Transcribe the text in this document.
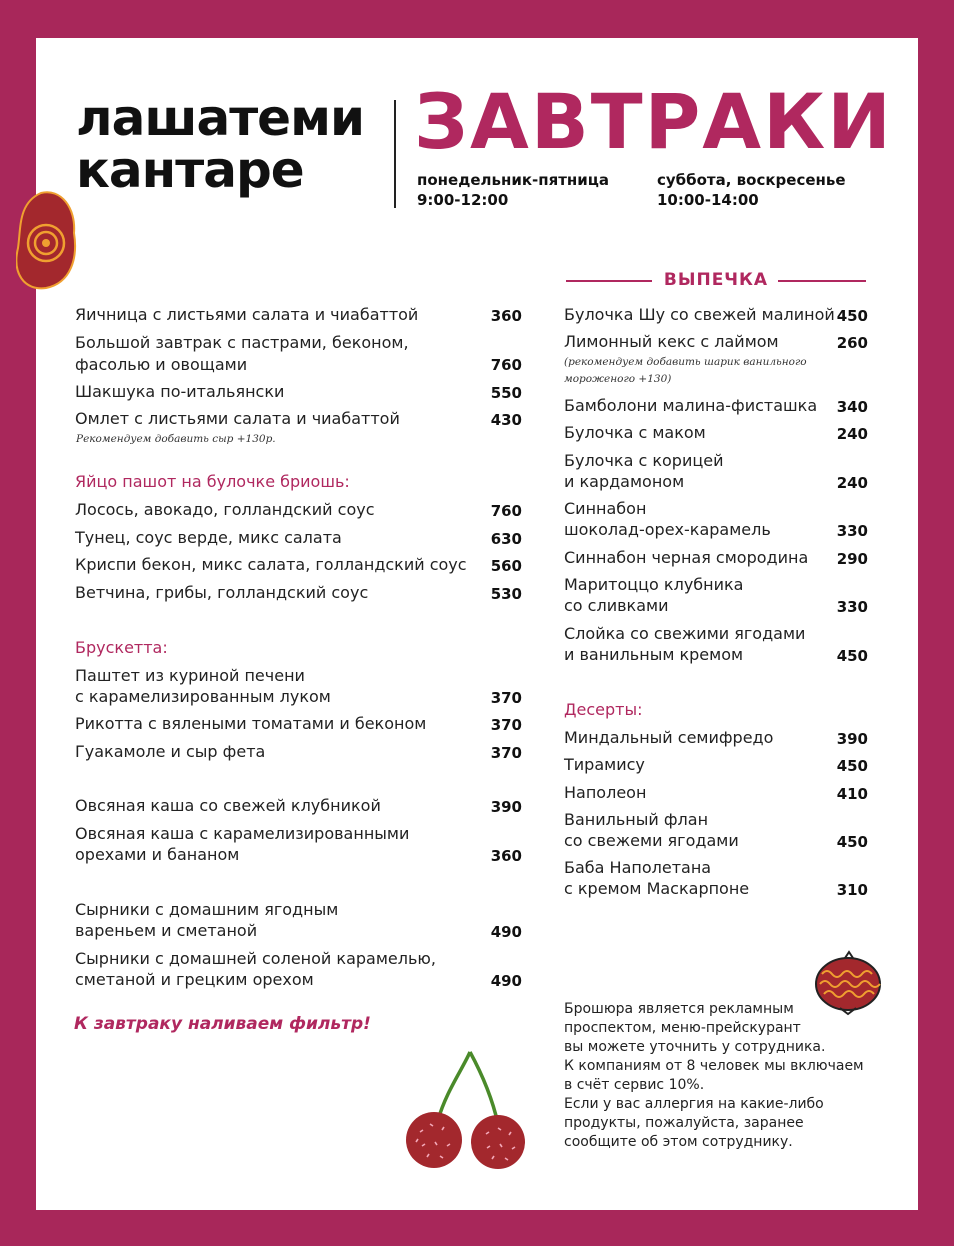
лашатеми
кантаре
ЗАВТРАКИ
понедельник-пятница
9:00-12:00
суббота, воскресенье
10:00-14:00
Яичница с листьями салата и чиабаттой	360
Большой завтрак с пастрами, беконом,
фасолью и овощами	760
Шакшука по-итальянски	550
Омлет с листьями салата и чиабаттой	430
Рекомендуем добавить сыр +130р.
Яйцо пашот на булочке бриошь:
Лосось, авокадо, голландский соус	760
Тунец, соус верде, микс салата	630
Криспи бекон, микс салата, голландский соус	560
Ветчина, грибы, голландский соус	530
Брускетта:
Паштет из куриной печени
с карамелизированным луком	370
Рикотта с вялеными томатами и беконом	370
Гуакамоле и сыр фета	370
Овсяная каша со свежей клубникой	390
Овсяная каша с карамелизированными
орехами и бананом	360
Сырники с домашним ягодным
вареньем и сметаной	490
Сырники с домашней соленой карамелью,
сметаной и грецким орехом	490
К завтраку наливаем фильтр!
ВЫПЕЧКА
Булочка Шу со свежей малиной 450
Лимонный кекс с лаймом	260
(рекомендуем добавить шарик ванильного
мороженого +130)
Бамболони малина-фисташка	340
Булочка с маком	240
Булочка с корицей
и кардамоном	240
Синнабон
шоколад-орех-карамель	330
Синнабон черная смородина	290
Маритоццо клубника
со сливками	330
Слойка со свежими ягодами
и ванильным кремом	450
Десерты:
Миндальный семифредо	390
Тирамису	450
Наполеон	410
Ванильный флан
со свежеми ягодами	450
Баба Наполетана
с кремом Маскарпоне	310
Брошюра является рекламным
проспектом, меню-прейскурант
вы можете уточнить у сотрудника.
К компаниям от 8 человек мы включаем
в счёт сервис 10%.
Если у вас аллергия на какие-либо
продукты, пожалуйста, заранее
сообщите об этом сотруднику.
